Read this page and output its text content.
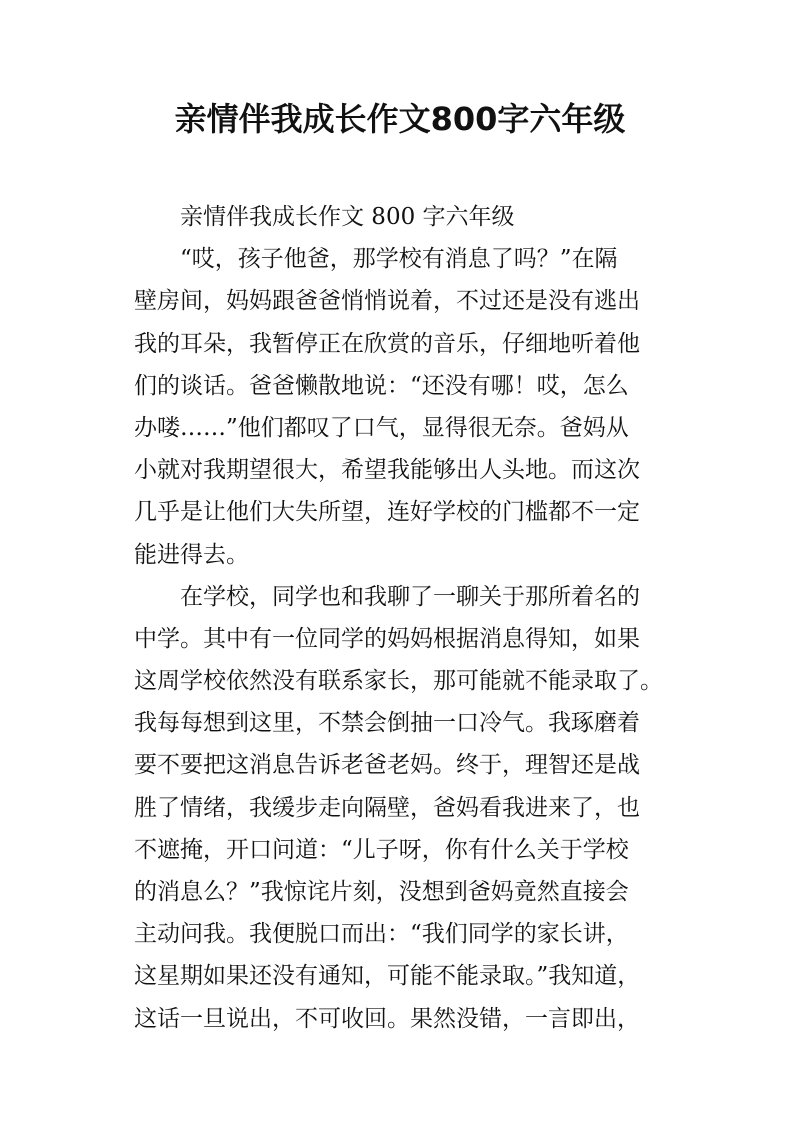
亲情伴我成长作文800字六年级
亲情伴我成长作文 800 字六年级
“哎，孩子他爸，那学校有消息了吗？”在隔
壁房间，妈妈跟爸爸悄悄说着，不过还是没有逃出
我的耳朵，我暂停正在欣赏的音乐，仔细地听着他
们的谈话。爸爸懒散地说：“还没有哪！哎，怎么
办喽……”他们都叹了口气，显得很无奈。爸妈从
小就对我期望很大，希望我能够出人头地。而这次
几乎是让他们大失所望，连好学校的门槛都不一定
能进得去。
在学校，同学也和我聊了一聊关于那所着名的
中学。其中有一位同学的妈妈根据消息得知，如果
这周学校依然没有联系家长，那可能就不能录取了。
我每每想到这里，不禁会倒抽一口冷气。我琢磨着
要不要把这消息告诉老爸老妈。终于，理智还是战
胜了情绪，我缓步走向隔壁，爸妈看我进来了，也
不遮掩，开口问道：“儿子呀，你有什么关于学校
的消息么？”我惊诧片刻，没想到爸妈竟然直接会
主动问我。我便脱口而出：“我们同学的家长讲，
这星期如果还没有通知，可能不能录取。”我知道，
这话一旦说出，不可收回。果然没错，一言即出，
